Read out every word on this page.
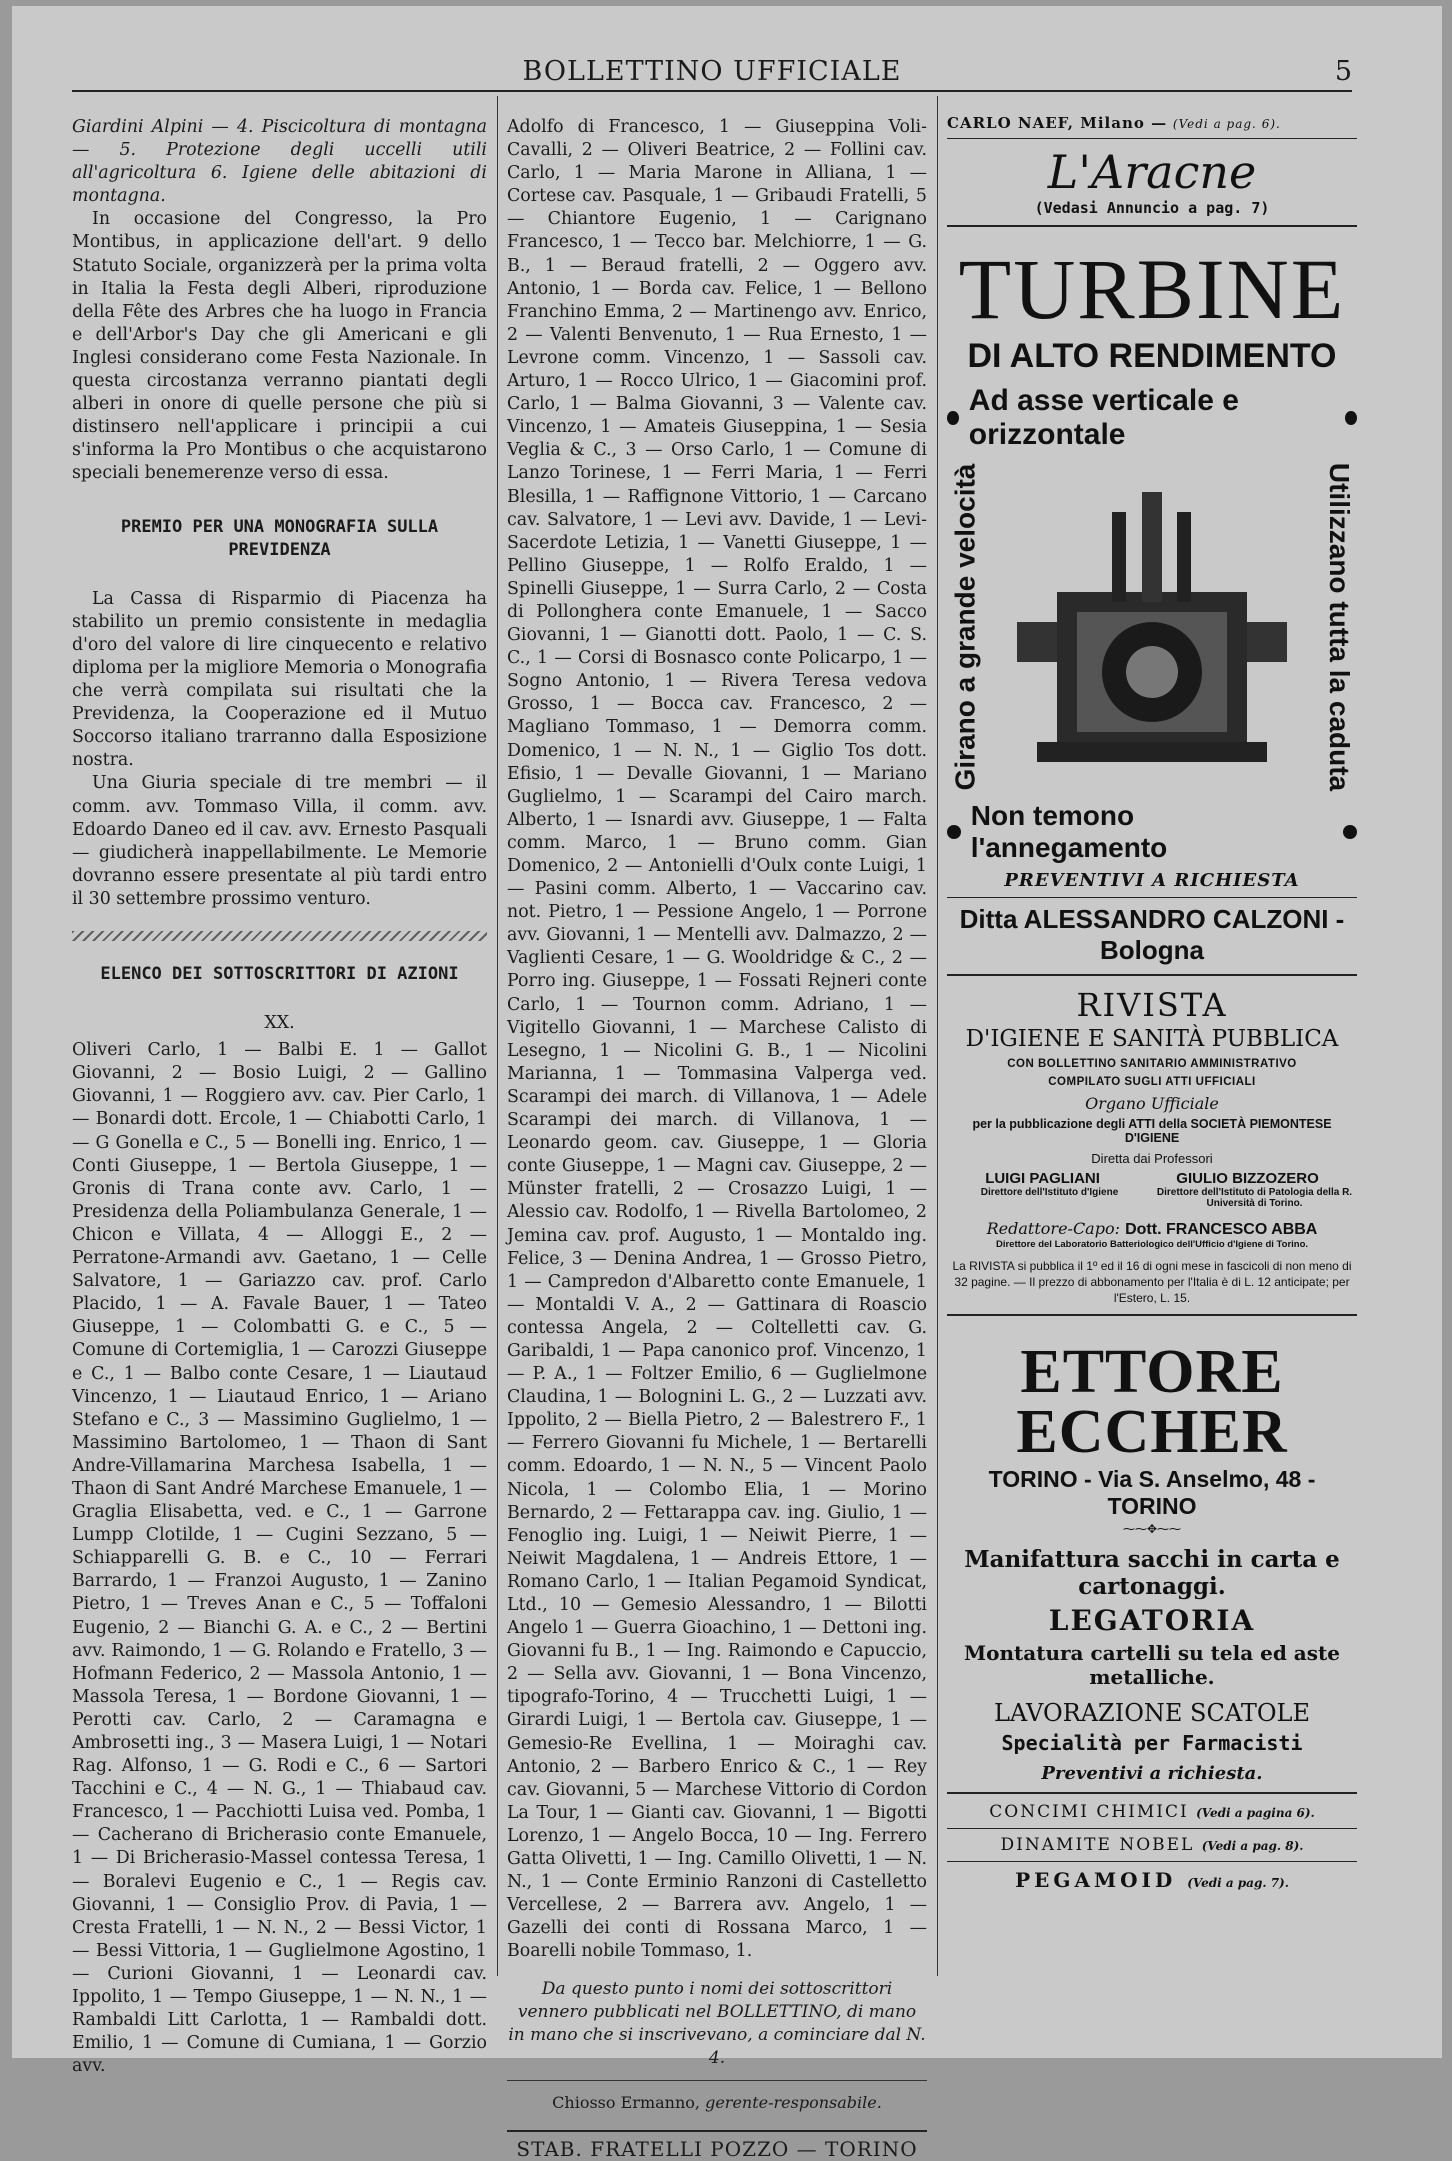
BOLLETTINO UFFICIALE	5

Giardini Alpini — 4. Piscicoltura di montagna — 5. Protezione degli uccelli utili all'agricoltura 6. Igiene delle abitazioni di montagna.

In occasione del Congresso, la Pro Montibus, in applicazione dell'art. 9 dello Statuto Sociale, organizzerà per la prima volta in Italia la Festa degli Alberi, riproduzione della Fête des Arbres che ha luogo in Francia e dell'Arbor's Day che gli Americani e gli Inglesi considerano come Festa Nazionale. In questa circostanza verranno piantati degli alberi in onore di quelle persone che più si distinsero nell'applicare i principii a cui s'informa la Pro Montibus o che acquistarono speciali benemerenze verso di essa.

PREMIO PER UNA MONOGRAFIA SULLA PREVIDENZA

La Cassa di Risparmio di Piacenza ha stabilito un premio consistente in medaglia d'oro del valore di lire cinquecento e relativo diploma per la migliore Memoria o Monografia che verrà compilata sui risultati che la Previdenza, la Cooperazione ed il Mutuo Soccorso italiano trarranno dalla Esposizione nostra.

Una Giuria speciale di tre membri — il comm. avv. Tommaso Villa, il comm. avv. Edoardo Daneo ed il cav. avv. Ernesto Pasquali — giudicherà inappellabilmente. Le Memorie dovranno essere presentate al più tardi entro il 30 settembre prossimo venturo.

ELENCO DEI SOTTOSCRITTORI DI AZIONI
XX.

Oliveri Carlo, 1 — Balbi E. 1 — Gallot Giovanni, 2 — Bosio Luigi, 2 — Gallino Giovanni, 1 — Roggiero avv. cav. Pier Carlo, 1 — Bonardi dott. Ercole, 1 — Chiabotti Carlo, 1 — G Gonella e C., 5 — Bonelli ing. Enrico, 1 — Conti Giuseppe, 1 — Bertola Giuseppe, 1 — Gronis di Trana conte avv. Carlo, 1 — Presidenza della Poliambulanza Generale, 1 — Chicon e Villata, 4 — Alloggi E., 2 — Perratone-Armandi avv. Gaetano, 1 — Celle Salvatore, 1 — Gariazzo cav. prof. Carlo Placido, 1 — A. Favale Bauer, 1 — Tateo Giuseppe, 1 — Colombatti G. e C., 5 — Comune di Cortemiglia, 1 — Carozzi Giuseppe e C., 1 — Balbo conte Cesare, 1 — Liautaud Vincenzo, 1 — Liautaud Enrico, 1 — Ariano Stefano e C., 3 — Massimino Guglielmo, 1 — Massimino Bartolomeo, 1 — Thaon di Sant Andre-Villamarina Marchesa Isabella, 1 — Thaon di Sant André Marchese Emanuele, 1 — Graglia Elisabetta, ved. e C., 1 — Garrone Lumpp Clotilde, 1 — Cugini Sezzano, 5 — Schiapparelli G. B. e C., 10 — Ferrari Barrardo, 1 — Franzoi Augusto, 1 — Zanino Pietro, 1 — Treves Anan e C., 5 — Toffaloni Eugenio, 2 — Bianchi G. A. e C., 2 — Bertini avv. Raimondo, 1 — G. Rolando e Fratello, 3 — Hofmann Federico, 2 — Massola Antonio, 1 — Massola Teresa, 1 — Bordone Giovanni, 1 — Perotti cav. Carlo, 2 — Caramagna e Ambrosetti ing., 3 — Masera Luigi, 1 — Notari Rag. Alfonso, 1 — G. Rodi e C., 6 — Sartori Tacchini e C., 4 — N. G., 1 — Thiabaud cav. Francesco, 1 — Pacchiotti Luisa ved. Pomba, 1 — Cacherano di Bricherasio conte Emanuele, 1 — Di Bricherasio-Massel contessa Teresa, 1 — Boralevi Eugenio e C., 1 — Regis cav. Giovanni, 1 — Consiglio Prov. di Pavia, 1 — Cresta Fratelli, 1 — N. N., 2 — Bessi Victor, 1 — Bessi Vittoria, 1 — Guglielmone Agostino, 1 — Curioni Giovanni, 1 — Leonardi cav. Ippolito, 1 — Tempo Giuseppe, 1 — N. N., 1 — Rambaldi Litt Carlotta, 1 — Rambaldi dott. Emilio, 1 — Comune di Cumiana, 1 — Gorzio avv.

Adolfo di Francesco, 1 — Giuseppina Voli-Cavalli, 2 — Oliveri Beatrice, 2 — Follini cav. Carlo, 1 — Maria Marone in Alliana, 1 — Cortese cav. Pasquale, 1 — Gribaudi Fratelli, 5 — Chiantore Eugenio, 1 — Carignano Francesco, 1 — Tecco bar. Melchiorre, 1 — G. B., 1 — Beraud fratelli, 2 — Oggero avv. Antonio, 1 — Borda cav. Felice, 1 — Bellono Franchino Emma, 2 — Martinengo avv. Enrico, 2 — Valenti Benvenuto, 1 — Rua Ernesto, 1 — Levrone comm. Vincenzo, 1 — Sassoli cav. Arturo, 1 — Rocco Ulrico, 1 — Giacomini prof. Carlo, 1 — Balma Giovanni, 3 — Valente cav. Vincenzo, 1 — Amateis Giuseppina, 1 — Sesia Veglia & C., 3 — Orso Carlo, 1 — Comune di Lanzo Torinese, 1 — Ferri Maria, 1 — Ferri Blesilla, 1 — Raffignone Vittorio, 1 — Carcano cav. Salvatore, 1 — Levi avv. Davide, 1 — Levi-Sacerdote Letizia, 1 — Vanetti Giuseppe, 1 — Pellino Giuseppe, 1 — Rolfo Eraldo, 1 — Spinelli Giuseppe, 1 — Surra Carlo, 2 — Costa di Pollonghera conte Emanuele, 1 — Sacco Giovanni, 1 — Gianotti dott. Paolo, 1 — C. S. C., 1 — Corsi di Bosnasco conte Policarpo, 1 — Sogno Antonio, 1 — Rivera Teresa vedova Grosso, 1 — Bocca cav. Francesco, 2 — Magliano Tommaso, 1 — Demorra comm. Domenico, 1 — N. N., 1 — Giglio Tos dott. Efisio, 1 — Devalle Giovanni, 1 — Mariano Guglielmo, 1 — Scarampi del Cairo march. Alberto, 1 — Isnardi avv. Giuseppe, 1 — Falta comm. Marco, 1 — Bruno comm. Gian Domenico, 2 — Antonielli d'Oulx conte Luigi, 1 — Pasini comm. Alberto, 1 — Vaccarino cav. not. Pietro, 1 — Pessione Angelo, 1 — Porrone avv. Giovanni, 1 — Mentelli avv. Dalmazzo, 2 — Vaglienti Cesare, 1 — G. Wooldridge & C., 2 — Porro ing. Giuseppe, 1 — Fossati Rejneri conte Carlo, 1 — Tournon comm. Adriano, 1 — Vigitello Giovanni, 1 — Marchese Calisto di Lesegno, 1 — Nicolini G. B., 1 — Nicolini Marianna, 1 — Tommasina Valperga ved. Scarampi dei march. di Villanova, 1 — Adele Scarampi dei march. di Villanova, 1 — Leonardo geom. cav. Giuseppe, 1 — Gloria conte Giuseppe, 1 — Magni cav. Giuseppe, 2 — Münster fratelli, 2 — Crosazzo Luigi, 1 — Alessio cav. Rodolfo, 1 — Rivella Bartolomeo, 2 Jemina cav. prof. Augusto, 1 — Montaldo ing. Felice, 3 — Denina Andrea, 1 — Grosso Pietro, 1 — Campredon d'Albaretto conte Emanuele, 1 — Montaldi V. A., 2 — Gattinara di Roascio contessa Angela, 2 — Coltelletti cav. G. Garibaldi, 1 — Papa canonico prof. Vincenzo, 1 — P. A., 1 — Foltzer Emilio, 6 — Guglielmone Claudina, 1 — Bolognini L. G., 2 — Luzzati avv. Ippolito, 2 — Biella Pietro, 2 — Balestrero F., 1 — Ferrero Giovanni fu Michele, 1 — Bertarelli comm. Edoardo, 1 — N. N., 5 — Vincent Paolo Nicola, 1 — Colombo Elia, 1 — Morino Bernardo, 2 — Fettarappa cav. ing. Giulio, 1 — Fenoglio ing. Luigi, 1 — Neiwit Pierre, 1 — Neiwit Magdalena, 1 — Andreis Ettore, 1 — Romano Carlo, 1 — Italian Pegamoid Syndicat, Ltd., 10 — Gemesio Alessandro, 1 — Bilotti Angelo 1 — Guerra Gioachino, 1 — Dettoni ing. Giovanni fu B., 1 — Ing. Raimondo e Capuccio, 2 — Sella avv. Giovanni, 1 — Bona Vincenzo, tipografo-Torino, 4 — Trucchetti Luigi, 1 — Girardi Luigi, 1 — Bertola cav. Giuseppe, 1 — Gemesio-Re Evellina, 1 — Moiraghi cav. Antonio, 2 — Barbero Enrico & C., 1 — Rey cav. Giovanni, 5 — Marchese Vittorio di Cordon La Tour, 1 — Gianti cav. Giovanni, 1 — Bigotti Lorenzo, 1 — Angelo Bocca, 10 — Ing. Ferrero Gatta Olivetti, 1 — Ing. Camillo Olivetti, 1 — N. N., 1 — Conte Erminio Ranzoni di Castelletto Vercellese, 2 — Barrera avv. Angelo, 1 — Gazelli dei conti di Rossana Marco, 1 — Boarelli nobile Tommaso, 1.

Da questo punto i nomi dei sottoscrittori vennero pubblicati nel BOLLETTINO, di mano in mano che si inscrivevano, a cominciare dal N. 4.
Chiosso Ermanno, gerente-responsabile.
STAB. FRATELLI POZZO — TORINO
CARLO NAEF, Milano — (Vedi a pag. 6).
L'Aracne
(Vedasi Annuncio a pag. 7)
TURBINE
DI ALTO RENDIMENTO
Ad asse verticale e orizzontale
Girano a grande velocità	Utilizzano tutta la caduta
Non temono l'annegamento
PREVENTIVI A RICHIESTA
Ditta ALESSANDRO CALZONI - Bologna
RIVISTA
D'IGIENE E SANITÀ PUBBLICA
CON BOLLETTINO SANITARIO AMMINISTRATIVO
COMPILATO SUGLI ATTI UFFICIALI
Organo Ufficiale
per la pubblicazione degli ATTI della SOCIETÀ PIEMONTESE D'IGIENE
Diretta dai Professori
LUIGI PAGLIANI	GIULIO BIZZOZERO
Direttore dell'Istituto d'Igiene	Direttore dell'Istituto di Patologia della R. Università di Torino.
Redattore-Capo: Dott. FRANCESCO ABBA
Direttore del Laboratorio Batteriologico dell'Ufficio d'Igiene di Torino.
La RIVISTA si pubblica il 1º ed il 16 di ogni mese in fascicoli di non meno di 32 pagine. — Il prezzo di abbonamento per l'Italia è di L. 12 anticipate; per l'Estero, L. 15.
ETTORE ECCHER
TORINO - Via S. Anselmo, 48 - TORINO
⁓⁓✥⁓⁓
Manifattura sacchi in carta e cartonaggi.
LEGATORIA
Montatura cartelli su tela ed aste metalliche.
LAVORAZIONE SCATOLE
Specialità per Farmacisti
Preventivi a richiesta.
CONCIMI CHIMICI (Vedi a pagina 6).
DINAMITE NOBEL (Vedi a pag. 8).
PEGAMOID (Vedi a pag. 7).
